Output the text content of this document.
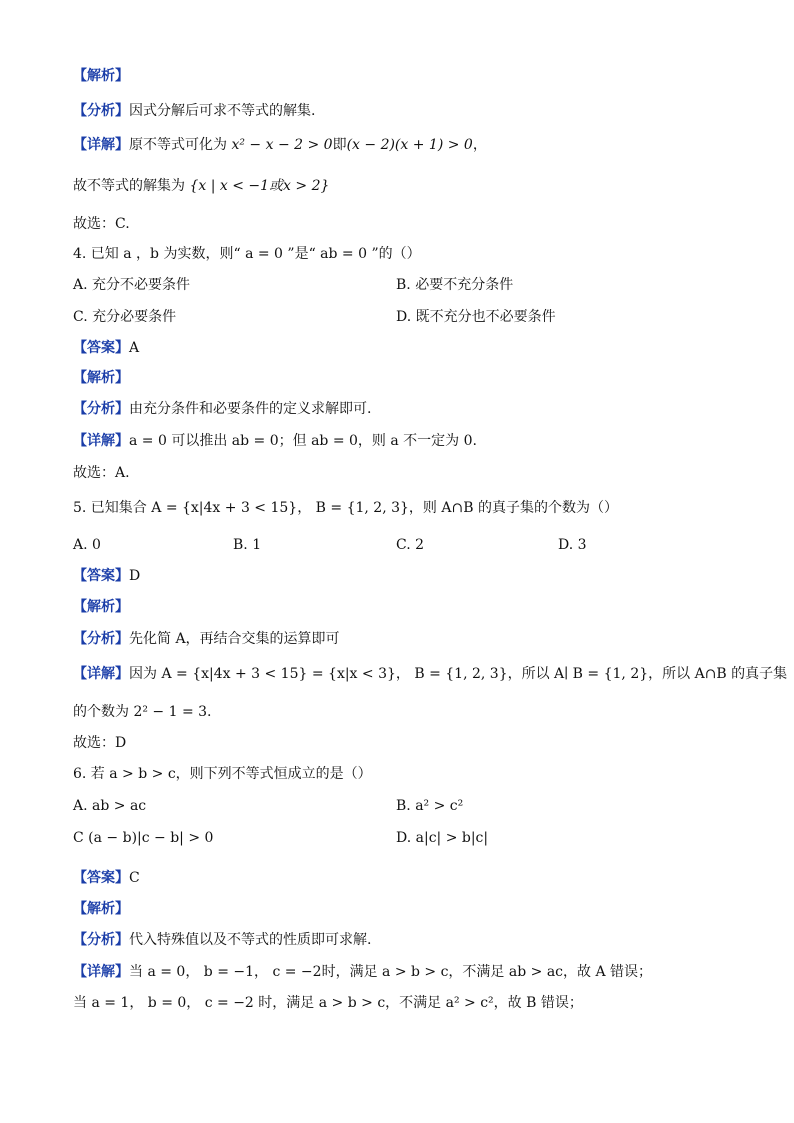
【解析】
【分析】因式分解后可求不等式的解集.
【详解】原不等式可化为 x² − x − 2 > 0即(x − 2)(x + 1) > 0，
故不等式的解集为 {x | x < −1或x > 2}
故选：C.
4. 已知 a ，b 为实数，则“ a = 0 ”是“ ab = 0 ”的（）
A. 充分不必要条件	B. 必要不充分条件
C. 充分必要条件	D. 既不充分也不必要条件
【答案】A
【解析】
【分析】由充分条件和必要条件的定义求解即可.
【详解】a = 0 可以推出 ab = 0；但 ab = 0，则 a 不一定为 0.
故选：A.
5. 已知集合 A = {x|4x + 3 < 15}， B = {1, 2, 3}，则 A∩B 的真子集的个数为（）
A. 0	B. 1	C. 2	D. 3
【答案】D
【解析】
【分析】先化简 A，再结合交集的运算即可
【详解】因为 A = {x|4x + 3 < 15} = {x|x < 3}， B = {1, 2, 3}，所以 A∣ B = {1, 2}，所以 A∩B 的真子集
的个数为 2² − 1 = 3.
故选：D
6. 若 a > b > c，则下列不等式恒成立的是（）
A. ab > ac	B. a² > c²
C (a − b)|c − b| > 0	D. a|c| > b|c|
【答案】C
【解析】
【分析】代入特殊值以及不等式的性质即可求解.
【详解】当 a = 0， b = −1， c = −2时，满足 a > b > c，不满足 ab > ac，故 A 错误；
当 a = 1， b = 0， c = −2 时，满足 a > b > c，不满足 a² > c²，故 B 错误；
